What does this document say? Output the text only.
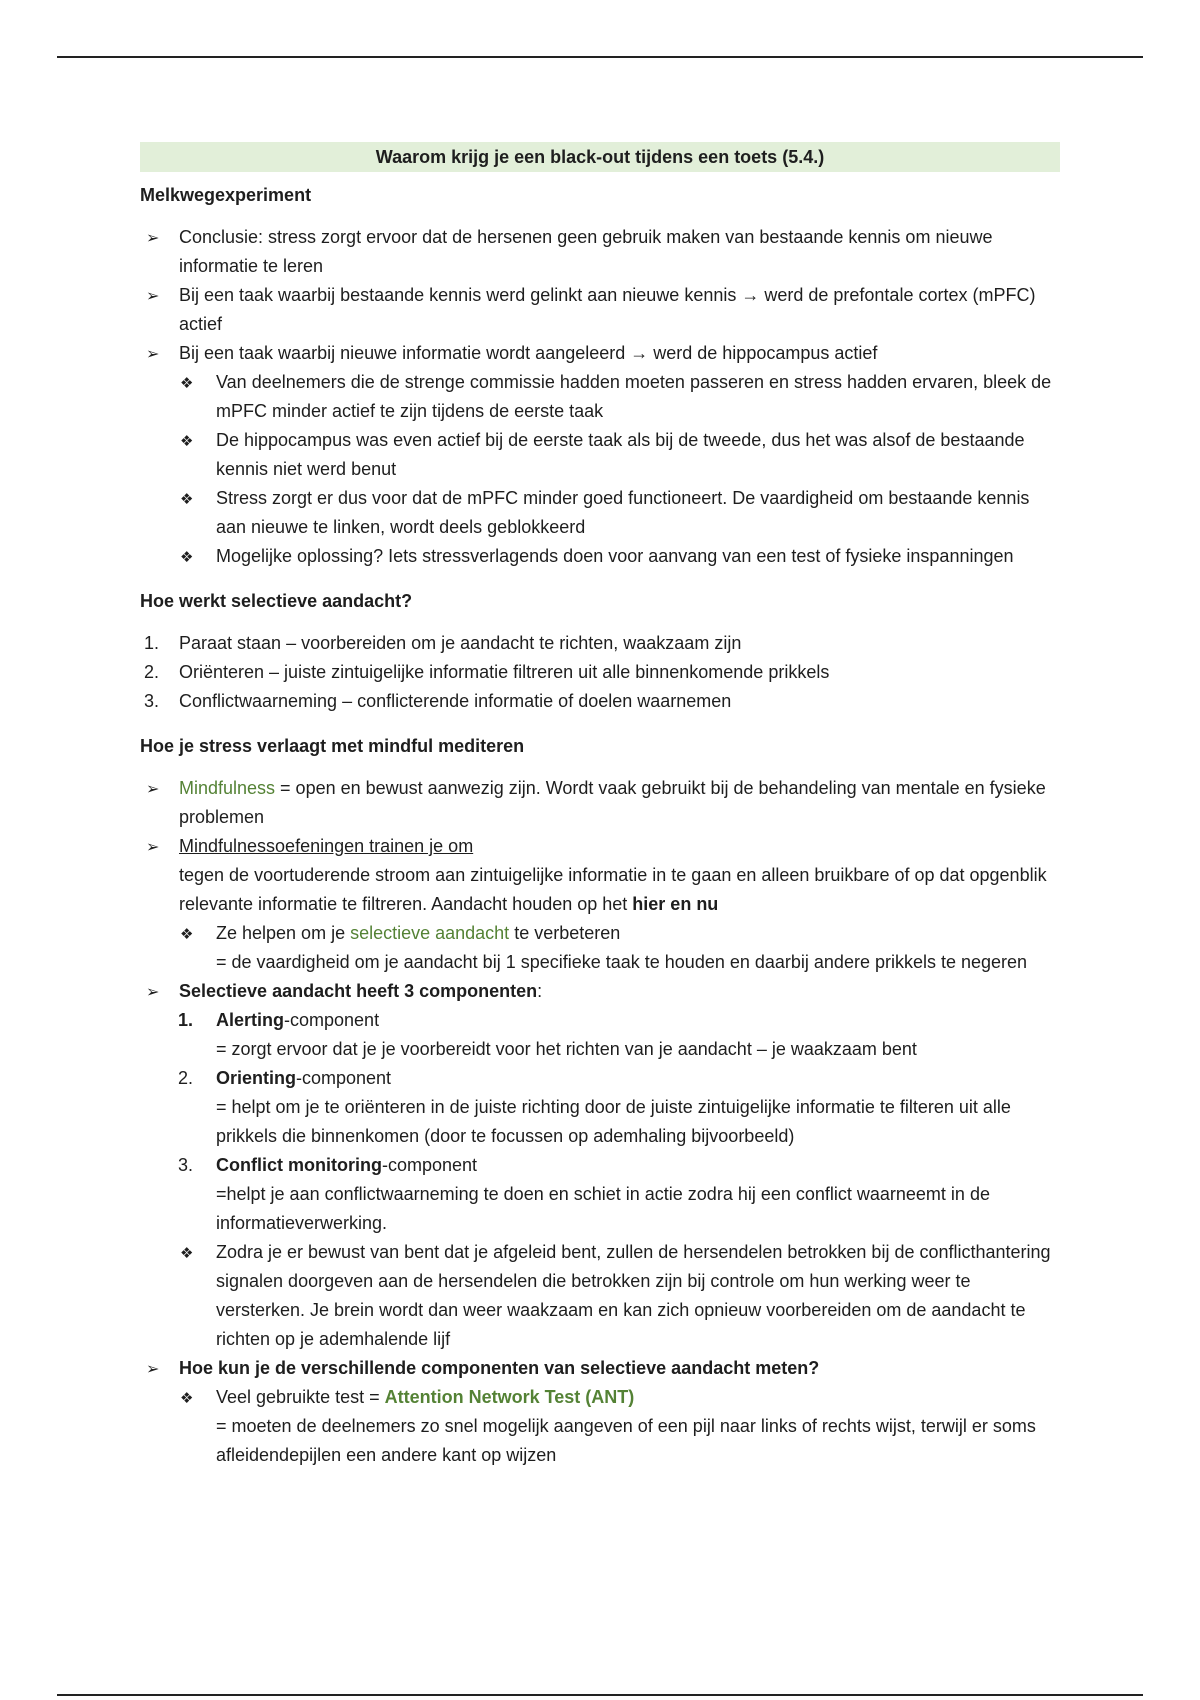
Waarom krijg je een black-out tijdens een toets (5.4.)
Melkwegexperiment
➢	Conclusie: stress zorgt ervoor dat de hersenen geen gebruik maken van bestaande kennis om nieuwe informatie te leren
➢	Bij een taak waarbij bestaande kennis werd gelinkt aan nieuwe kennis → werd de prefontale cortex (mPFC) actief
➢	Bij een taak waarbij nieuwe informatie wordt aangeleerd → werd de hippocampus actief
❖	Van deelnemers die de strenge commissie hadden moeten passeren en stress hadden ervaren, bleek de mPFC minder actief te zijn tijdens de eerste taak
❖	De hippocampus was even actief bij de eerste taak als bij de tweede, dus het was alsof de bestaande kennis niet werd benut
❖	Stress zorgt er dus voor dat de mPFC minder goed functioneert. De vaardigheid om bestaande kennis aan nieuwe te linken, wordt deels geblokkeerd
❖	Mogelijke oplossing? Iets stressverlagends doen voor aanvang van een test of fysieke inspanningen
Hoe werkt selectieve aandacht?
1. Paraat staan – voorbereiden om je aandacht te richten, waakzaam zijn
2. Oriënteren – juiste zintuigelijke informatie filtreren uit alle binnenkomende prikkels
3. Conflictwaarneming – conflicterende informatie of doelen waarnemen
Hoe je stress verlaagt met mindful mediteren
➢	Mindfulness = open en bewust aanwezig zijn. Wordt vaak gebruikt bij de behandeling van mentale en fysieke problemen
➢	Mindfulnessoefeningen trainen je om
tegen de voortuderende stroom aan zintuigelijke informatie in te gaan en alleen bruikbare of op dat opgenblik relevante informatie te filtreren. Aandacht houden op het hier en nu
❖	Ze helpen om je selectieve aandacht te verbeteren
= de vaardigheid om je aandacht bij 1 specifieke taak te houden en daarbij andere prikkels te negeren
➢	Selectieve aandacht heeft 3 componenten:
1. Alerting-component
= zorgt ervoor dat je je voorbereidt voor het richten van je aandacht – je waakzaam bent
2. Orienting-component
= helpt om je te oriënteren in de juiste richting door de juiste zintuigelijke informatie te filteren uit alle prikkels die binnenkomen (door te focussen op ademhaling bijvoorbeeld)
3. Conflict monitoring-component
=helpt je aan conflictwaarneming te doen en schiet in actie zodra hij een conflict waarneemt in de informatieverwerking.
❖	Zodra je er bewust van bent dat je afgeleid bent, zullen de hersendelen betrokken bij de conflicthantering signalen doorgeven aan de hersendelen die betrokken zijn bij controle om hun werking weer te versterken. Je brein wordt dan weer waakzaam en kan zich opnieuw voorbereiden om de aandacht te richten op je ademhalende lijf
➢	Hoe kun je de verschillende componenten van selectieve aandacht meten?
❖	Veel gebruikte test = Attention Network Test (ANT)
= moeten de deelnemers zo snel mogelijk aangeven of een pijl naar links of rechts wijst, terwijl er soms afleidendepijlen een andere kant op wijzen
